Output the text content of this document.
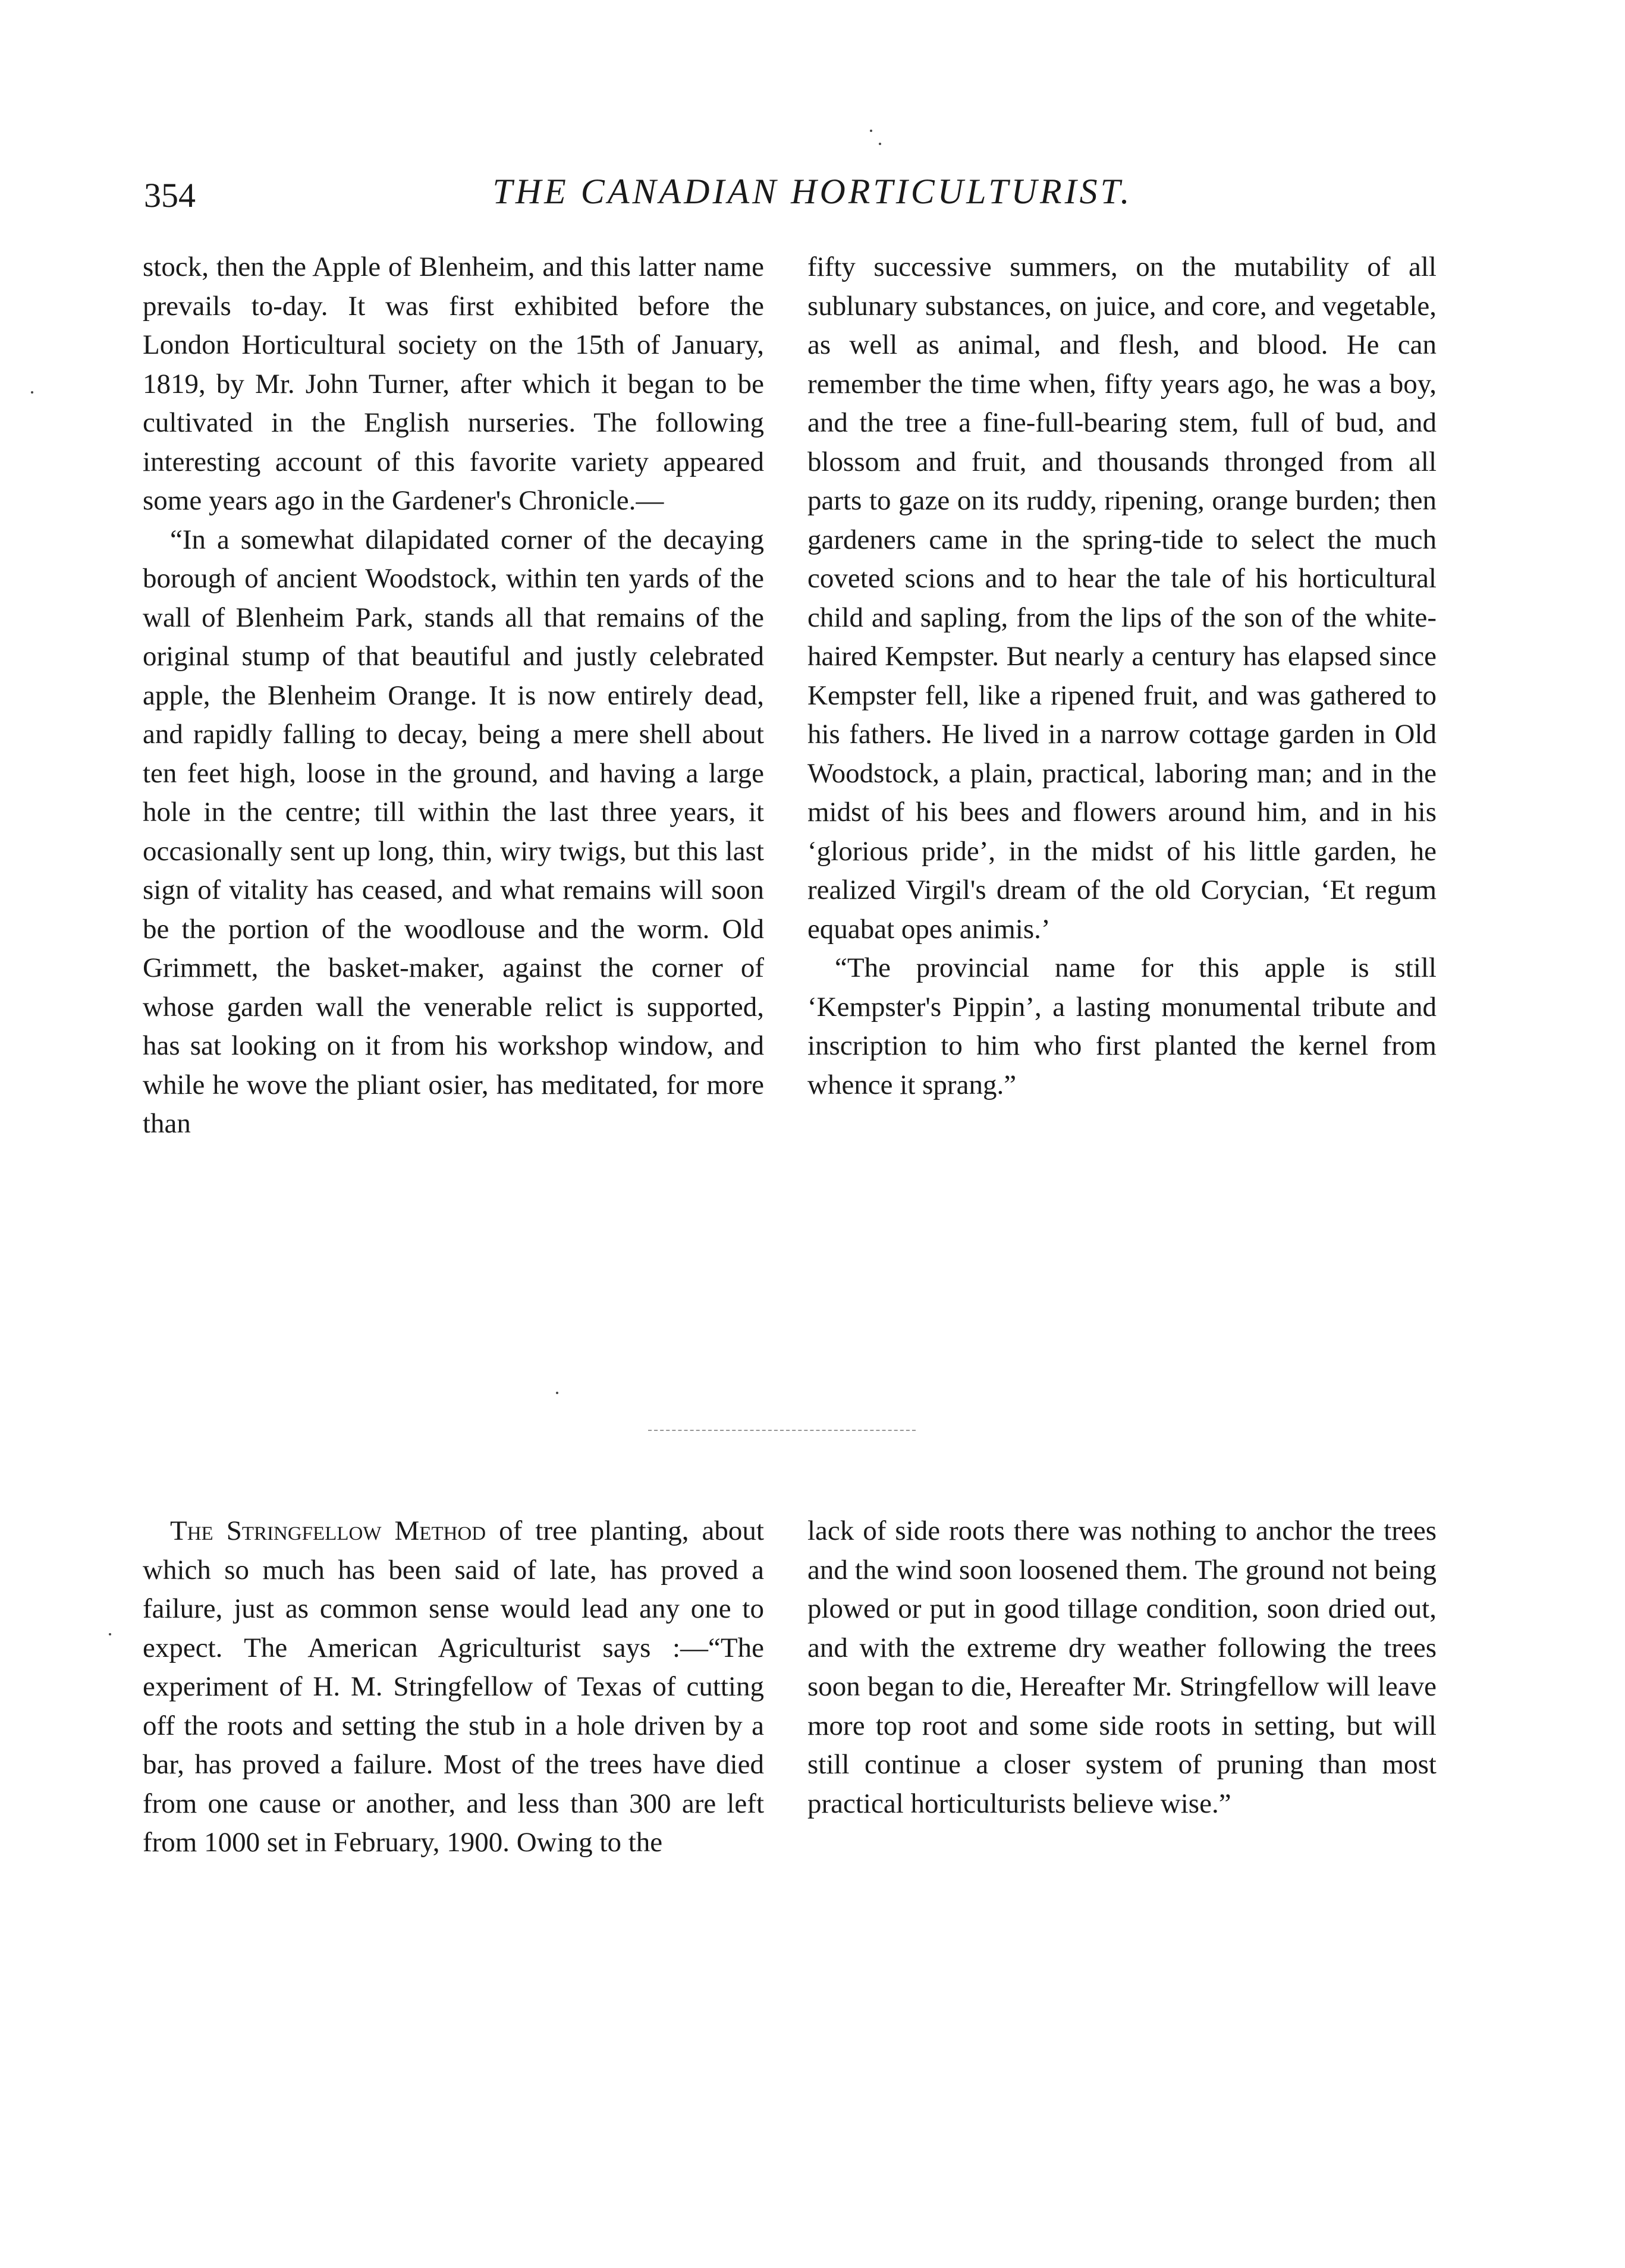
354	THE CANADIAN HORTICULTURIST.

stock, then the Apple of Blenheim, and this latter name prevails to-day. It was first exhibited before the London Horticultural society on the 15th of January, 1819, by Mr. John Turner, after which it began to be cultivated in the English nurseries. The following interesting account of this favorite variety appeared some years ago in the Gardener's Chronicle.—

“In a somewhat dilapidated corner of the decaying borough of ancient Woodstock, within ten yards of the wall of Blenheim Park, stands all that remains of the original stump of that beautiful and justly celebrated apple, the Blenheim Orange. It is now entirely dead, and rapidly falling to decay, being a mere shell about ten feet high, loose in the ground, and having a large hole in the centre; till within the last three years, it occasionally sent up long, thin, wiry twigs, but this last sign of vitality has ceased, and what remains will soon be the portion of the woodlouse and the worm. Old Grimmett, the basket-maker, against the corner of whose garden wall the venerable relict is supported, has sat looking on it from his workshop window, and while he wove the pliant osier, has meditated, for more than

fifty successive summers, on the mutability of all sublunary substances, on juice, and core, and vegetable, as well as animal, and flesh, and blood. He can remember the time when, fifty years ago, he was a boy, and the tree a fine-full-bearing stem, full of bud, and blossom and fruit, and thousands thronged from all parts to gaze on its ruddy, ripening, orange burden; then gardeners came in the spring-tide to select the much coveted scions and to hear the tale of his horticultural child and sapling, from the lips of the son of the white-haired Kempster. But nearly a century has elapsed since Kempster fell, like a ripened fruit, and was gathered to his fathers. He lived in a narrow cottage garden in Old Woodstock, a plain, practical, laboring man; and in the midst of his bees and flowers around him, and in his ‘glorious pride’, in the midst of his little garden, he realized Virgil's dream of the old Corycian, ‘Et regum equabat opes animis.’

“The provincial name for this apple is still ‘Kempster's Pippin’, a lasting monumental tribute and inscription to him who first planted the kernel from whence it sprang.”

The Stringfellow Method of tree planting, about which so much has been said of late, has proved a failure, just as common sense would lead any one to expect. The American Agriculturist says :—“The experiment of H. M. Stringfellow of Texas of cutting off the roots and setting the stub in a hole driven by a bar, has proved a failure. Most of the trees have died from one cause or another, and less than 300 are left from 1000 set in February, 1900. Owing to the

lack of side roots there was nothing to anchor the trees and the wind soon loosened them. The ground not being plowed or put in good tillage condition, soon dried out, and with the extreme dry weather following the trees soon began to die, Hereafter Mr. Stringfellow will leave more top root and some side roots in setting, but will still continue a closer system of pruning than most practical horticulturists believe wise.”
